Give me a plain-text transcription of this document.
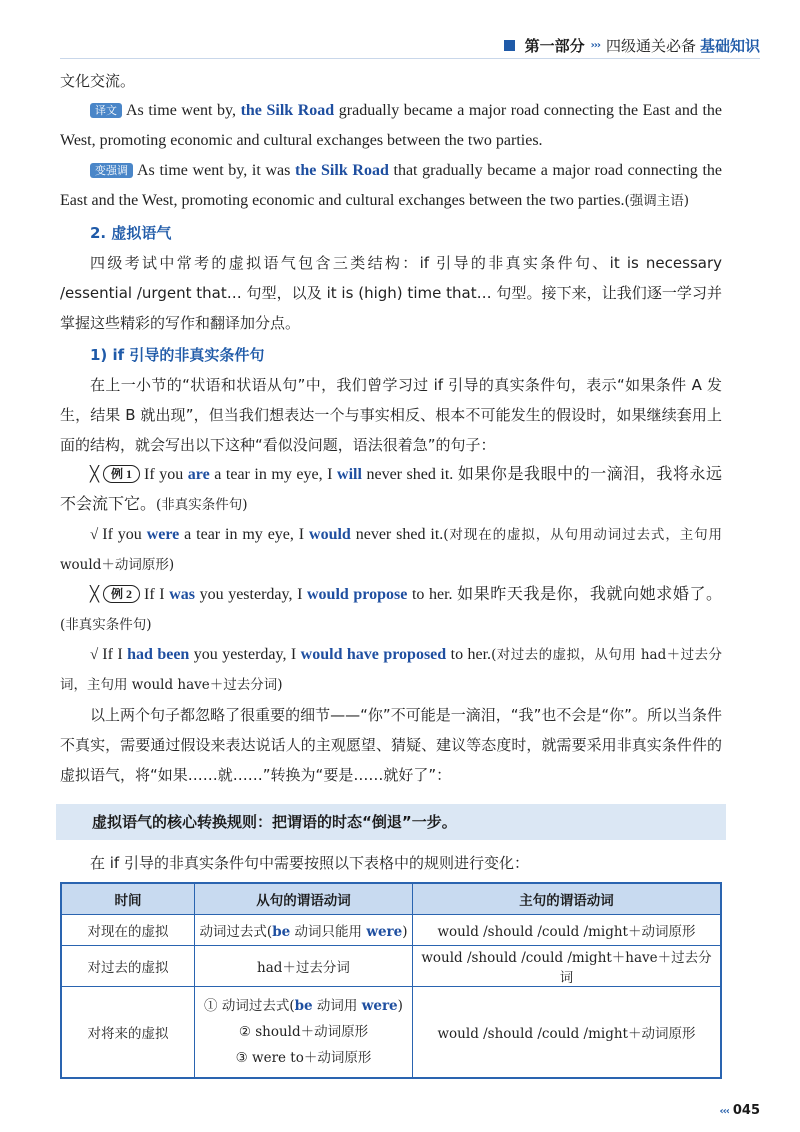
第一部分 ››› 四级通关必备 基础知识

文化交流。

译文 As time went by, the Silk Road gradually became a major road connecting the East and the West, promoting economic and cultural exchanges between the two parties.

变强调 As time went by, it was the Silk Road that gradually became a major road connecting the East and the West, promoting economic and cultural exchanges between the two parties.(强调主语)

2. 虚拟语气

四级考试中常考的虚拟语气包含三类结构：if 引导的非真实条件句、it is necessary /essential /urgent that… 句型，以及 it is (high) time that… 句型。接下来，让我们逐一学习并掌握这些精彩的写作和翻译加分点。

1) if 引导的非真实条件句

在上一小节的“状语和状语从句”中，我们曾学习过 if 引导的真实条件句，表示“如果条件 A 发生，结果 B 就出现”，但当我们想表达一个与事实相反、根本不可能发生的假设时，如果继续套用上面的结构，就会写出以下这种“看似没问题，语法很着急”的句子：

╳ 例 1 If you are a tear in my eye, I will never shed it. 如果你是我眼中的一滴泪，我将永远不会流下它。(非真实条件句)

√ If you were a tear in my eye, I would never shed it.(对现在的虚拟，从句用动词过去式，主句用 would＋动词原形)

╳ 例 2 If I was you yesterday, I would propose to her. 如果昨天我是你，我就向她求婚了。(非真实条件句)

√ If I had been you yesterday, I would have proposed to her.(对过去的虚拟，从句用 had＋过去分词，主句用 would have＋过去分词)

以上两个句子都忽略了很重要的细节——“你”不可能是一滴泪，“我”也不会是“你”。所以当条件不真实，需要通过假设来表达说话人的主观愿望、猜疑、建议等态度时，就需要采用非真实条件件的虚拟语气，将“如果……就……”转换为“要是……就好了”：

虚拟语气的核心转换规则：把谓语的时态“倒退”一步。

在 if 引导的非真实条件句中需要按照以下表格中的规则进行变化：

时间	从句的谓语动词	主句的谓语动词
对现在的虚拟	动词过去式(be 动词只能用 were)	would /should /could /might＋动词原形
对过去的虚拟	had＋过去分词	would /should /could /might＋have＋过去分词
对将来的虚拟	① 动词过去式(be 动词用 were)
② should＋动词原形
③ were to＋动词原形	would /should /could /might＋动词原形
‹‹‹ 045
